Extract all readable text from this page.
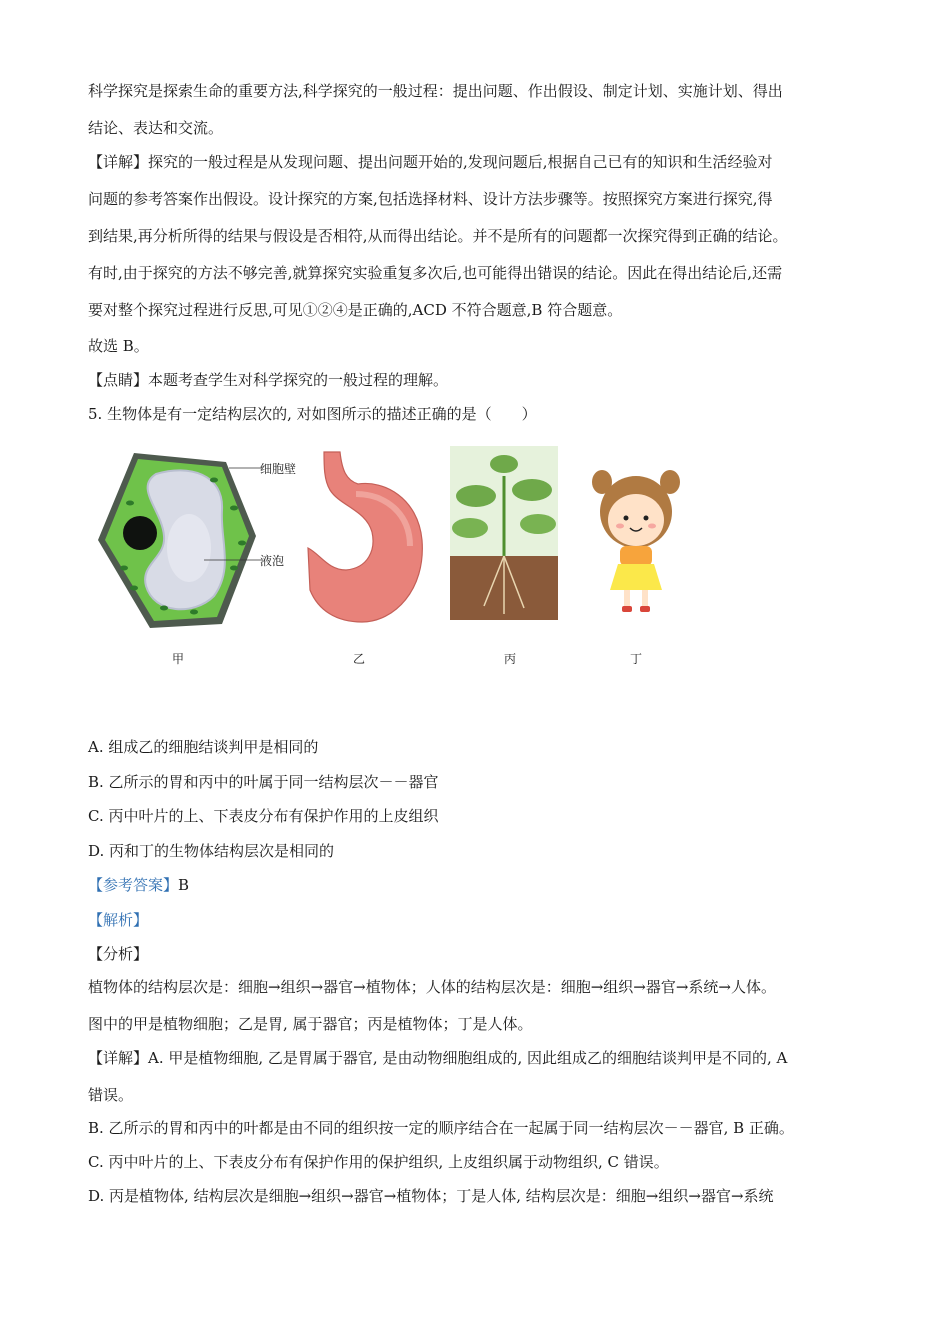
科学探究是探索生命的重要方法,科学探究的一般过程：提出问题、作出假设、制定计划、实施计划、得出
结论、表达和交流。
【详解】探究的一般过程是从发现问题、提出问题开始的,发现问题后,根据自己已有的知识和生活经验对
问题的参考答案作出假设。设计探究的方案,包括选择材料、设计方法步骤等。按照探究方案进行探究,得
到结果,再分析所得的结果与假设是否相符,从而得出结论。并不是所有的问题都一次探究得到正确的结论。
有时,由于探究的方法不够完善,就算探究实验重复多次后,也可能得出错误的结论。因此在得出结论后,还需
要对整个探究过程进行反思,可见①②④是正确的,ACD 不符合题意,B 符合题意。
故选 B。
【点睛】本题考查学生对科学探究的一般过程的理解。
5. 生物体是有一定结构层次的, 对如图所示的描述正确的是（　　）
细胞壁
液泡
甲	乙	丙	丁
A. 组成乙的细胞结谈判甲是相同的
B. 乙所示的胃和丙中的叶属于同一结构层次－－器官
C. 丙中叶片的上、下表皮分布有保护作用的上皮组织
D. 丙和丁的生物体结构层次是相同的
【参考答案】B
【解析】
【分析】
植物体的结构层次是：细胞→组织→器官→植物体；人体的结构层次是：细胞→组织→器官→系统→人体。
图中的甲是植物细胞；乙是胃, 属于器官；丙是植物体；丁是人体。
【详解】A. 甲是植物细胞, 乙是胃属于器官, 是由动物细胞组成的, 因此组成乙的细胞结谈判甲是不同的, A
错误。
B. 乙所示的胃和丙中的叶都是由不同的组织按一定的顺序结合在一起属于同一结构层次－－器官, B 正确。
C. 丙中叶片的上、下表皮分布有保护作用的保护组织, 上皮组织属于动物组织, C 错误。
D. 丙是植物体, 结构层次是细胞→组织→器官→植物体；丁是人体, 结构层次是：细胞→组织→器官→系统
